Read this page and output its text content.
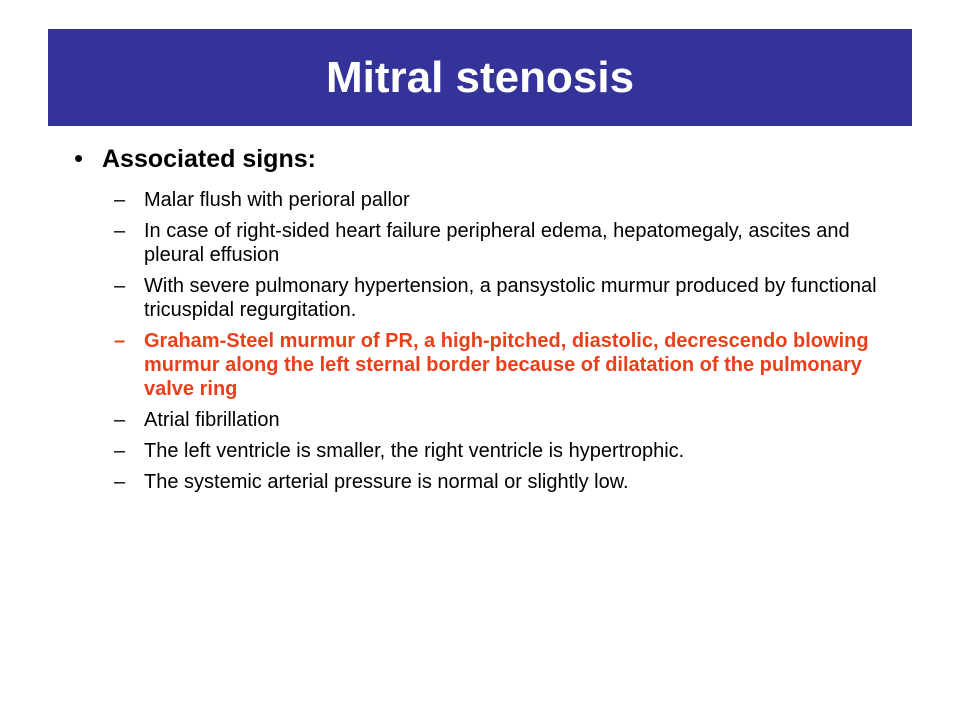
Mitral stenosis
• Associated signs:
– Malar flush with perioral pallor
– In case of right-sided heart failure peripheral edema, hepatomegaly, ascites and pleural effusion
– With severe pulmonary hypertension, a pansystolic murmur produced by functional tricuspidal regurgitation.
– Graham-Steel murmur of PR, a high-pitched, diastolic, decrescendo blowing murmur along the left sternal border because of dilatation of the pulmonary valve ring
– Atrial fibrillation
– The left ventricle is smaller, the right ventricle is hypertrophic.
– The systemic arterial pressure is normal or slightly low.
